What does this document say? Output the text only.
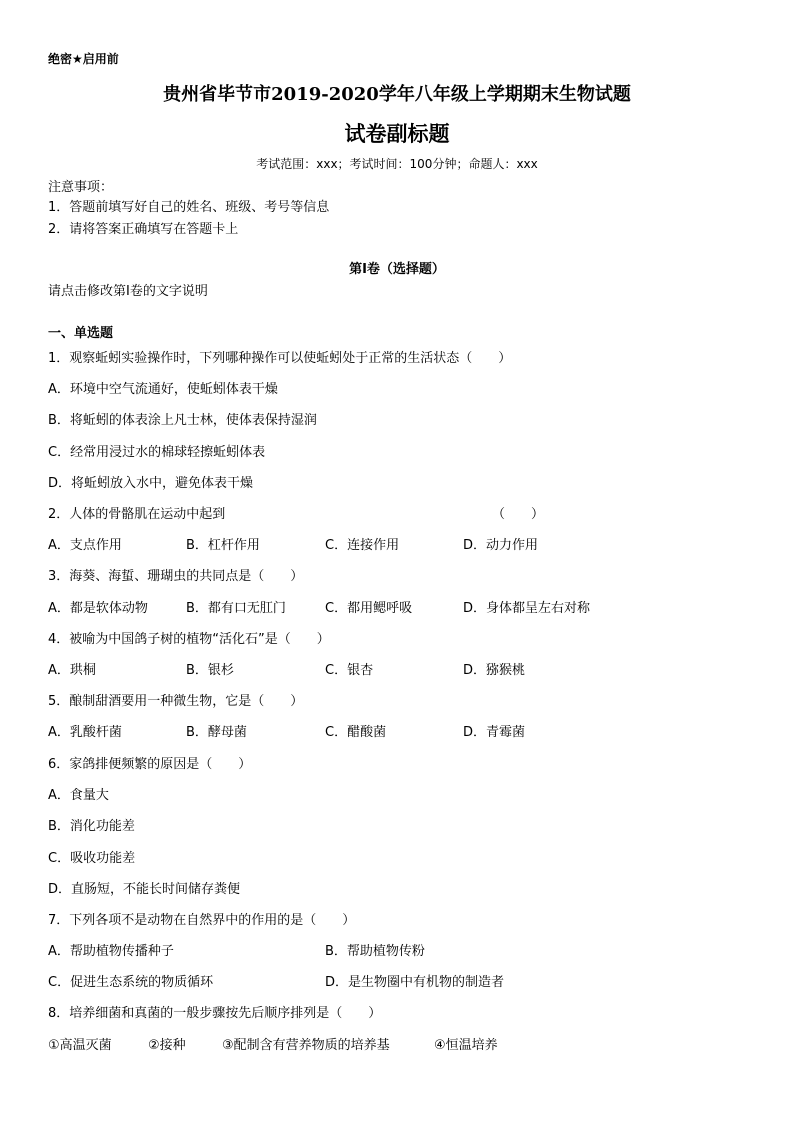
绝密★启用前
贵州省毕节市2019-2020学年八年级上学期期末生物试题
试卷副标题
考试范围：xxx；考试时间：100分钟；命题人：xxx
注意事项：
1．答题前填写好自己的姓名、班级、考号等信息
2．请将答案正确填写在答题卡上
第I卷（选择题）
请点击修改第I卷的文字说明
一、单选题
1．观察蚯蚓实验操作时，下列哪种操作可以使蚯蚓处于正常的生活状态（　　）
A．环境中空气流通好，使蚯蚓体表干燥
B．将蚯蚓的体表涂上凡士林，使体表保持湿润
C．经常用浸过水的棉球轻擦蚯蚓体表
D．将蚯蚓放入水中，避免体表干燥
2．人体的骨骼肌在运动中起到	（　　）
A．支点作用	B．杠杆作用	C．连接作用	D．动力作用
3．海葵、海蜇、珊瑚虫的共同点是（　　）
A．都是软体动物	B．都有口无肛门	C．都用鳃呼吸	D．身体都呈左右对称
4．被喻为中国鸽子树的植物“活化石”是（　　）
A．珙桐	B．银杉	C．银杏	D．猕猴桃
5．酿制甜酒要用一种微生物，它是（　　）
A．乳酸杆菌	B．酵母菌	C．醋酸菌	D．青霉菌
6．家鸽排便频繁的原因是（　　）
A．食量大
B．消化功能差
C．吸收功能差
D．直肠短，不能长时间储存粪便
7．下列各项不是动物在自然界中的作用的是（　　）
A．帮助植物传播种子	B．帮助植物传粉
C．促进生态系统的物质循环	D．是生物圈中有机物的制造者
8．培养细菌和真菌的一般步骤按先后顺序排列是（　　）
①高温灭菌	②接种	③配制含有营养物质的培养基	④恒温培养
